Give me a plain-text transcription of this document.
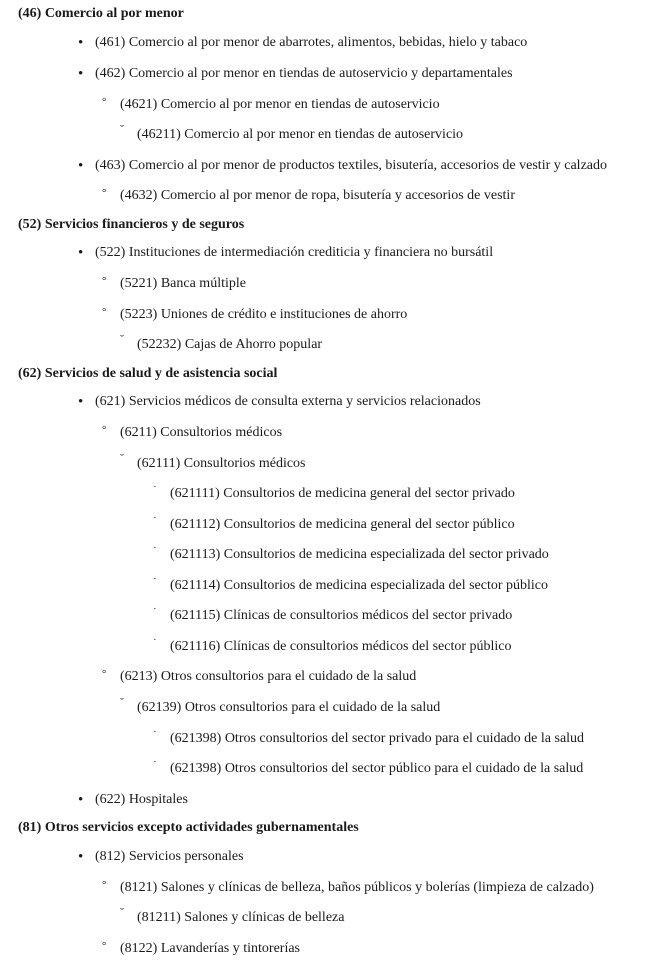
(46) Comercio al por menor
• (461) Comercio al por menor de abarrotes, alimentos, bebidas, hielo y tabaco
• (462) Comercio al por menor en tiendas de autoservicio y departamentales
° (4621) Comercio al por menor en tiendas de autoservicio
˘ (46211) Comercio al por menor en tiendas de autoservicio
• (463) Comercio al por menor de productos textiles, bisutería, accesorios de vestir y calzado
° (4632) Comercio al por menor de ropa, bisutería y accesorios de vestir
(52) Servicios financieros y de seguros
• (522) Instituciones de intermediación crediticia y financiera no bursátil
° (5221) Banca múltiple
° (5223) Uniones de crédito e instituciones de ahorro
˘ (52232) Cajas de Ahorro popular
(62) Servicios de salud y de asistencia social
• (621) Servicios médicos de consulta externa y servicios relacionados
° (6211) Consultorios médicos
˘ (62111) Consultorios médicos
˙ (621111) Consultorios de medicina general del sector privado
˙ (621112) Consultorios de medicina general del sector público
˙ (621113) Consultorios de medicina especializada del sector privado
˙ (621114) Consultorios de medicina especializada del sector público
˙ (621115) Clínicas de consultorios médicos del sector privado
˙ (621116) Clínicas de consultorios médicos del sector público
° (6213) Otros consultorios para el cuidado de la salud
˘ (62139) Otros consultorios para el cuidado de la salud
˙ (621398) Otros consultorios del sector privado para el cuidado de la salud
˙ (621398) Otros consultorios del sector público para el cuidado de la salud
• (622) Hospitales
(81) Otros servicios excepto actividades gubernamentales
• (812) Servicios personales
° (8121) Salones y clínicas de belleza, baños públicos y bolerías (limpieza de calzado)
˘ (81211) Salones y clínicas de belleza
° (8122) Lavanderías y tintorerías
